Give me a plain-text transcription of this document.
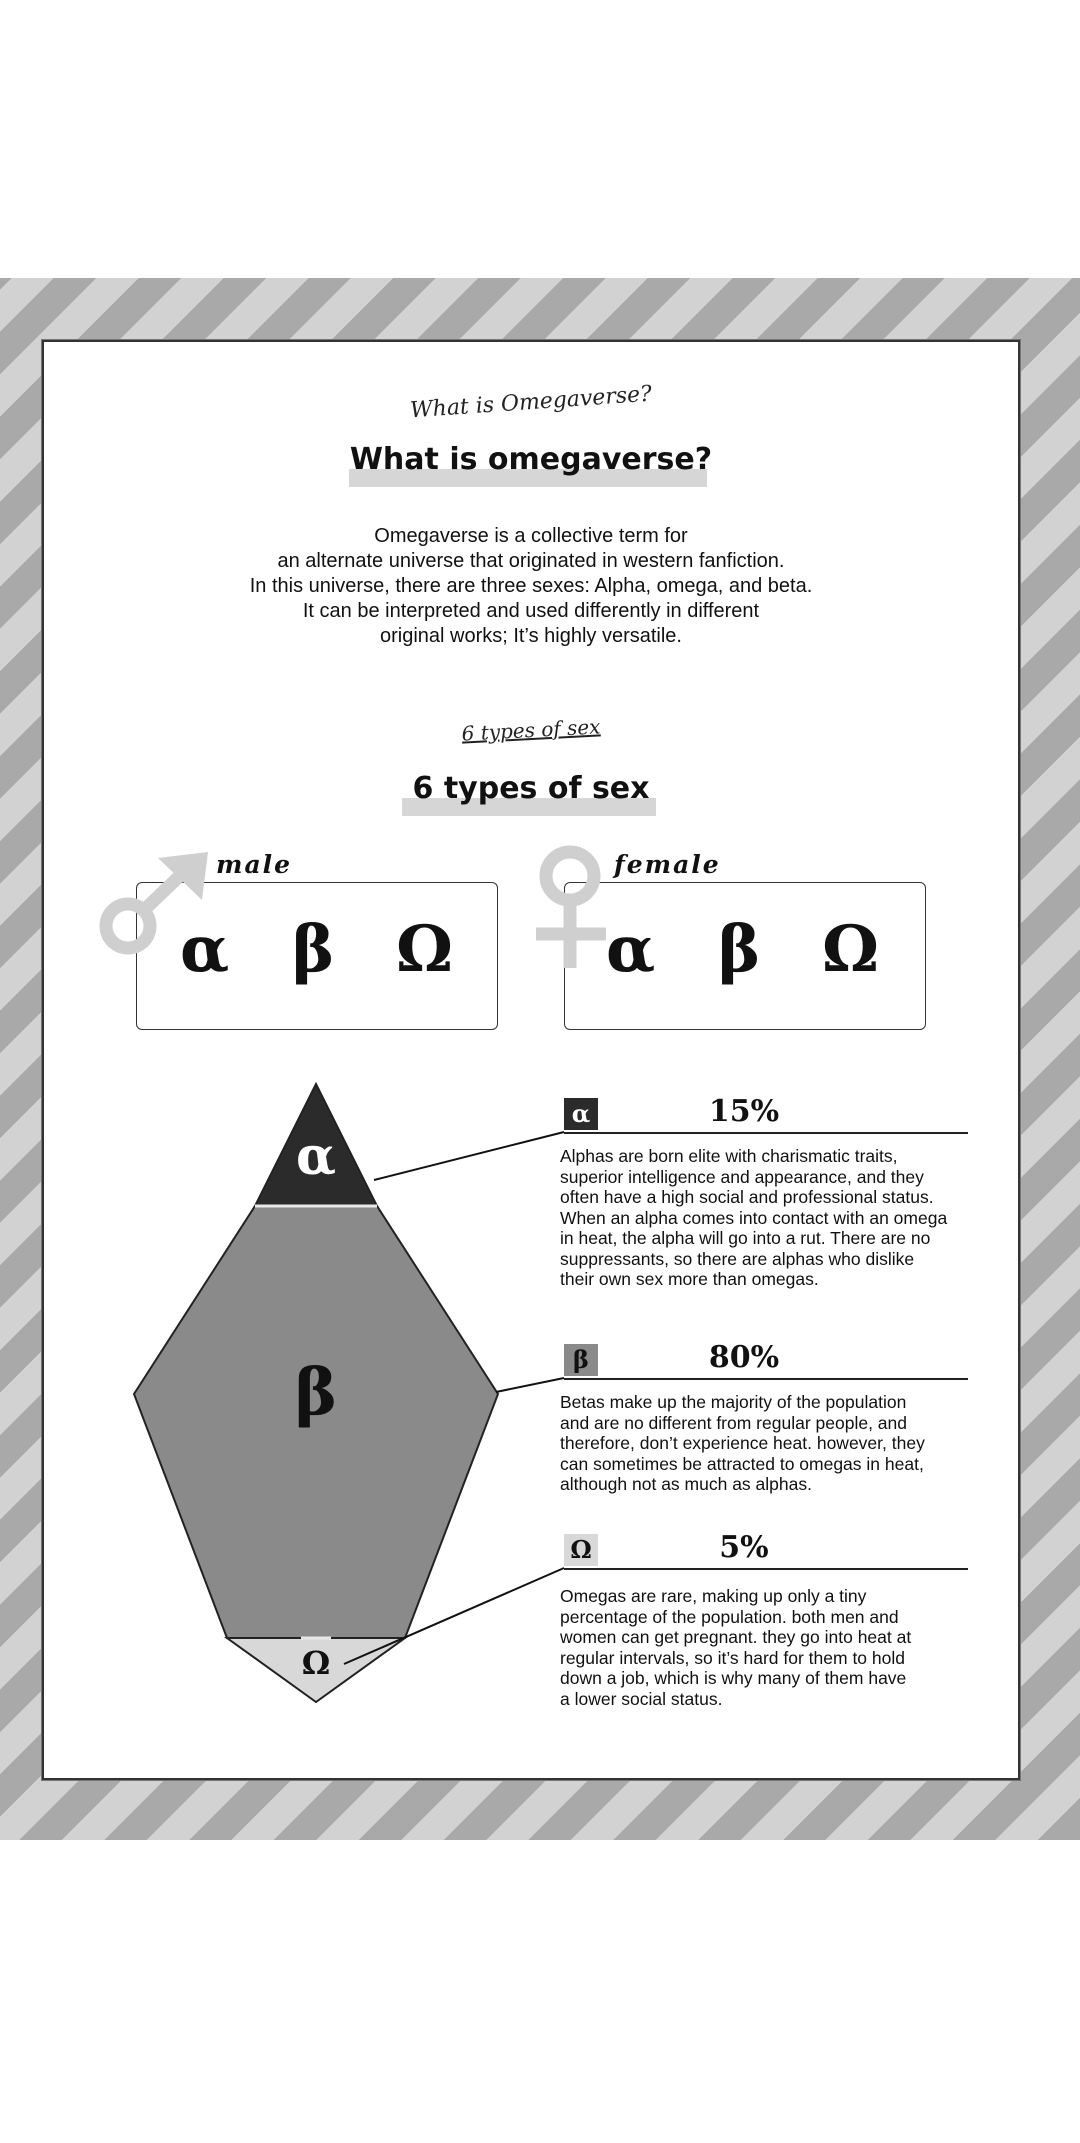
What is Omegaverse?
What is omegaverse?
Omegaverse is a collective term for
an alternate universe that originated in western fanfiction.
In this universe, there are three sexes: Alpha, omega, and beta.
It can be interpreted and used differently in different
original works; It’s highly versatile.
6 types of sex
6 types of sex
male
α β Ω
female
α β Ω
α
β
Ω
α	15%
Alphas are born elite with charismatic traits,
superior intelligence and appearance, and they
often have a high social and professional status.
When an alpha comes into contact with an omega
in heat, the alpha will go into a rut. There are no
suppressants, so there are alphas who dislike
their own sex more than omegas.
β	80%
Betas make up the majority of the population
and are no different from regular people, and
therefore, don’t experience heat. however, they
can sometimes be attracted to omegas in heat,
although not as much as alphas.
Ω	5%
Omegas are rare, making up only a tiny
percentage of the population. both men and
women can get pregnant. they go into heat at
regular intervals, so it’s hard for them to hold
down a job, which is why many of them have
a lower social status.
